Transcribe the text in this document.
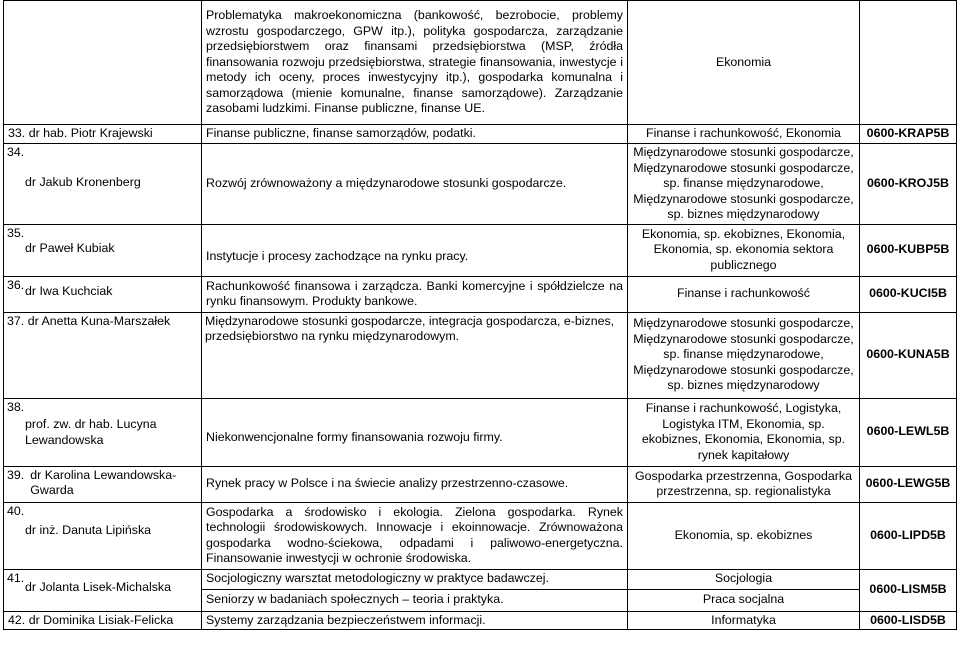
	Problematyka makroekonomiczna (bankowość, bezrobocie, problemy wzrostu gospodarczego, GPW itp.), polityka gospodarcza, zarządzanie przedsiębiorstwem oraz finansami przedsiębiorstwa (MSP, źródła finansowania rozwoju przedsiębiorstwa, strategie finansowania, inwestycje i metody ich oceny, proces inwestycyjny itp.), gospodarka komunalna i samorządowa (mienie komunalne, finanse samorządowe). Zarządzanie zasobami ludzkimi. Finanse publiczne, finanse UE.	Ekonomia	
33. dr hab. Piotr Krajewski	Finanse publiczne, finanse samorządów, podatki.	Finanse i rachunkowość, Ekonomia	0600-KRAP5B

34.
dr Jakub Kronenberg	Rozwój zrównoważony a międzynarodowe stosunki gospodarcze.	Międzynarodowe stosunki gospodarcze, Międzynarodowe stosunki gospodarcze, sp. finanse międzynarodowe, Międzynarodowe stosunki gospodarcze, sp. biznes międzynarodowy	0600-KROJ5B

35.
dr Paweł Kubiak	Instytucje i procesy zachodzące na rynku pracy.	Ekonomia, sp. ekobiznes, Ekonomia, Ekonomia, sp. ekonomia sektora publicznego	0600-KUBP5B

36. dr Iwa Kuchciak	Rachunkowość finansowa i zarządcza. Banki komercyjne i spółdzielcze na rynku finansowym. Produkty bankowe.	Finanse i rachunkowość	0600-KUCI5B
37. dr Anetta Kuna-Marszałek	Międzynarodowe stosunki gospodarcze, integracja gospodarcza, e-biznes, przedsiębiorstwo na rynku międzynarodowym.	Międzynarodowe stosunki gospodarcze, Międzynarodowe stosunki gospodarcze, sp. finanse międzynarodowe, Międzynarodowe stosunki gospodarcze, sp. biznes międzynarodowy	0600-KUNA5B

38.
prof. zw. dr hab. Lucyna Lewandowska	Niekonwencjonalne formy finansowania rozwoju firmy.	Finanse i rachunkowość, Logistyka, Logistyka ITM, Ekonomia, sp. ekobiznes, Ekonomia, Ekonomia, sp. rynek kapitałowy	0600-LEWL5B

39. dr Karolina Lewandowska-Gwarda	Rynek pracy w Polsce i na świecie analizy przestrzenno-czasowe.	Gospodarka przestrzenna, Gospodarka przestrzenna, sp. regionalistyka	0600-LEWG5B

40.
dr inż. Danuta Lipińska	Gospodarka a środowisko i ekologia. Zielona gospodarka. Rynek technologii środowiskowych. Innowacje i ekoinnowacje. Zrównoważona gospodarka wodno-ściekowa, odpadami i paliwowo-energetyczna. Finansowanie inwestycji w ochronie środowiska.	Ekonomia, sp. ekobiznes	0600-LIPD5B

41.
dr Jolanta Lisek-Michalska	Socjologiczny warsztat metodologiczny w praktyce badawczej.	Socjologia	0600-LISM5B
	Seniorzy w badaniach społecznych – teoria i praktyka.	Praca socjalna	
42. dr Dominika Lisiak-Felicka	Systemy zarządzania bezpieczeństwem informacji.	Informatyka	0600-LISD5B
